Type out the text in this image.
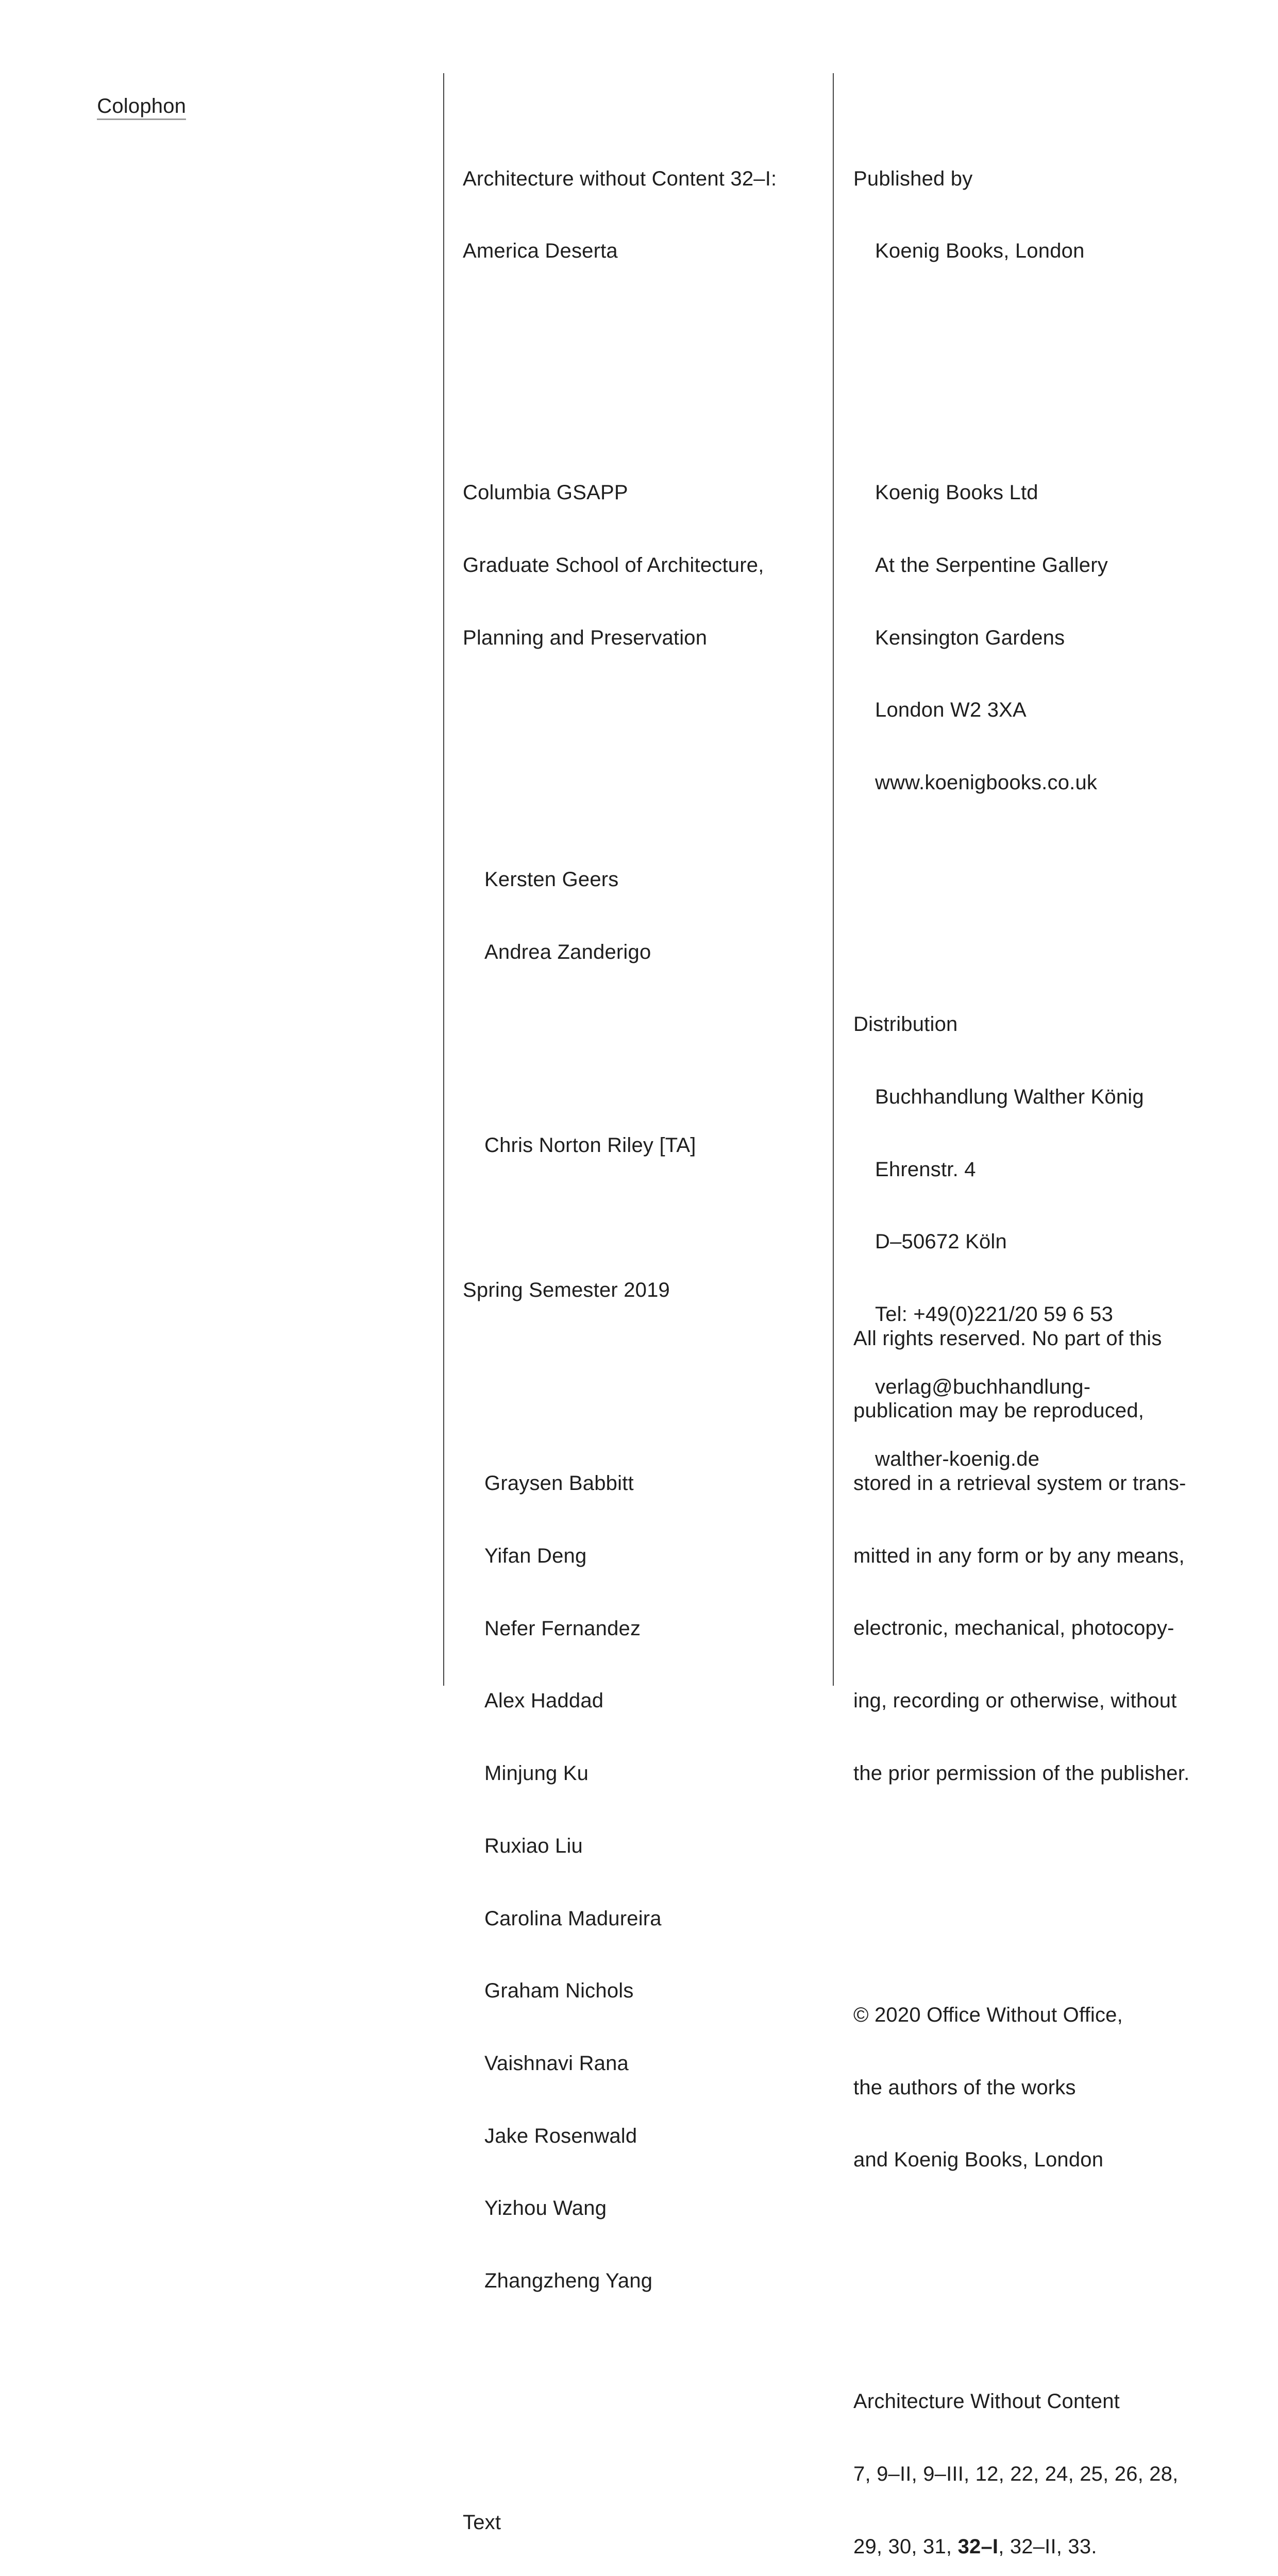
Colophon

Architecture without Content 32–I:

America Deserta

Columbia GSAPP

Graduate School of Architecture,

Planning and Preservation

Kersten Geers

Andrea Zanderigo

Chris Norton Riley [TA]

Spring Semester 2019

Graysen Babbitt

Yifan Deng

Nefer Fernandez

Alex Haddad

Minjung Ku

Ruxiao Liu

Carolina Madureira

Graham Nichols

Vaishnavi Rana

Jake Rosenwald

Yizhou Wang

Zhangzheng Yang

Text

Published by

Koenig Books, London

Koenig Books Ltd

At the Serpentine Gallery

Kensington Gardens

London W2 3XA

www.koenigbooks.co.uk

Distribution

Buchhandlung Walther König

Ehrenstr. 4

D–50672 Köln

Tel: +49(0)221/20 59 6 53

verlag@buchhandlung-

walther-koenig.de

All rights reserved. No part of this

publication may be reproduced,

stored in a retrieval system or trans-

mitted in any form or by any means,

electronic, mechanical, photocopy-

ing, recording or otherwise, without

the prior permission of the publisher.

© 2020 Office Without Office,

the authors of the works

and Koenig Books, London

Architecture Without Content

7, 9–II, 9–III, 12, 22, 24, 25, 26, 28,

29, 30, 31, 32–I, 32–II, 33.
